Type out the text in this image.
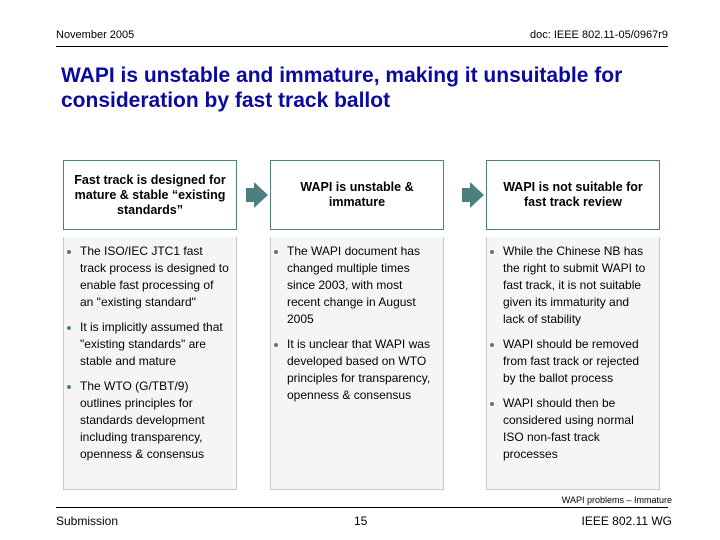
November 2005	doc: IEEE 802.11-05/0967r9
WAPI is unstable and immature, making it unsuitable for consideration by fast track ballot
Fast track is designed for mature & stable “existing standards”
The ISO/IEC JTC1 fast track process is designed to enable fast processing of an "existing standard"
It is implicitly assumed that "existing standards" are stable and mature
The WTO (G/TBT/9) outlines principles for standards development including transparency, openness & consensus
WAPI is unstable & immature
The WAPI document has changed multiple times since 2003, with most recent change in August 2005
It is unclear that WAPI was developed based on WTO principles for transparency, openness & consensus
WAPI is not suitable for fast track review
While the Chinese NB has the right to submit WAPI to fast track, it is not suitable given its immaturity and lack of stability
WAPI should be removed from fast track or rejected by the ballot process
WAPI should then be considered using normal ISO non-fast track processes
WAPI problems – Immature
Submission	15	IEEE 802.11 WG
